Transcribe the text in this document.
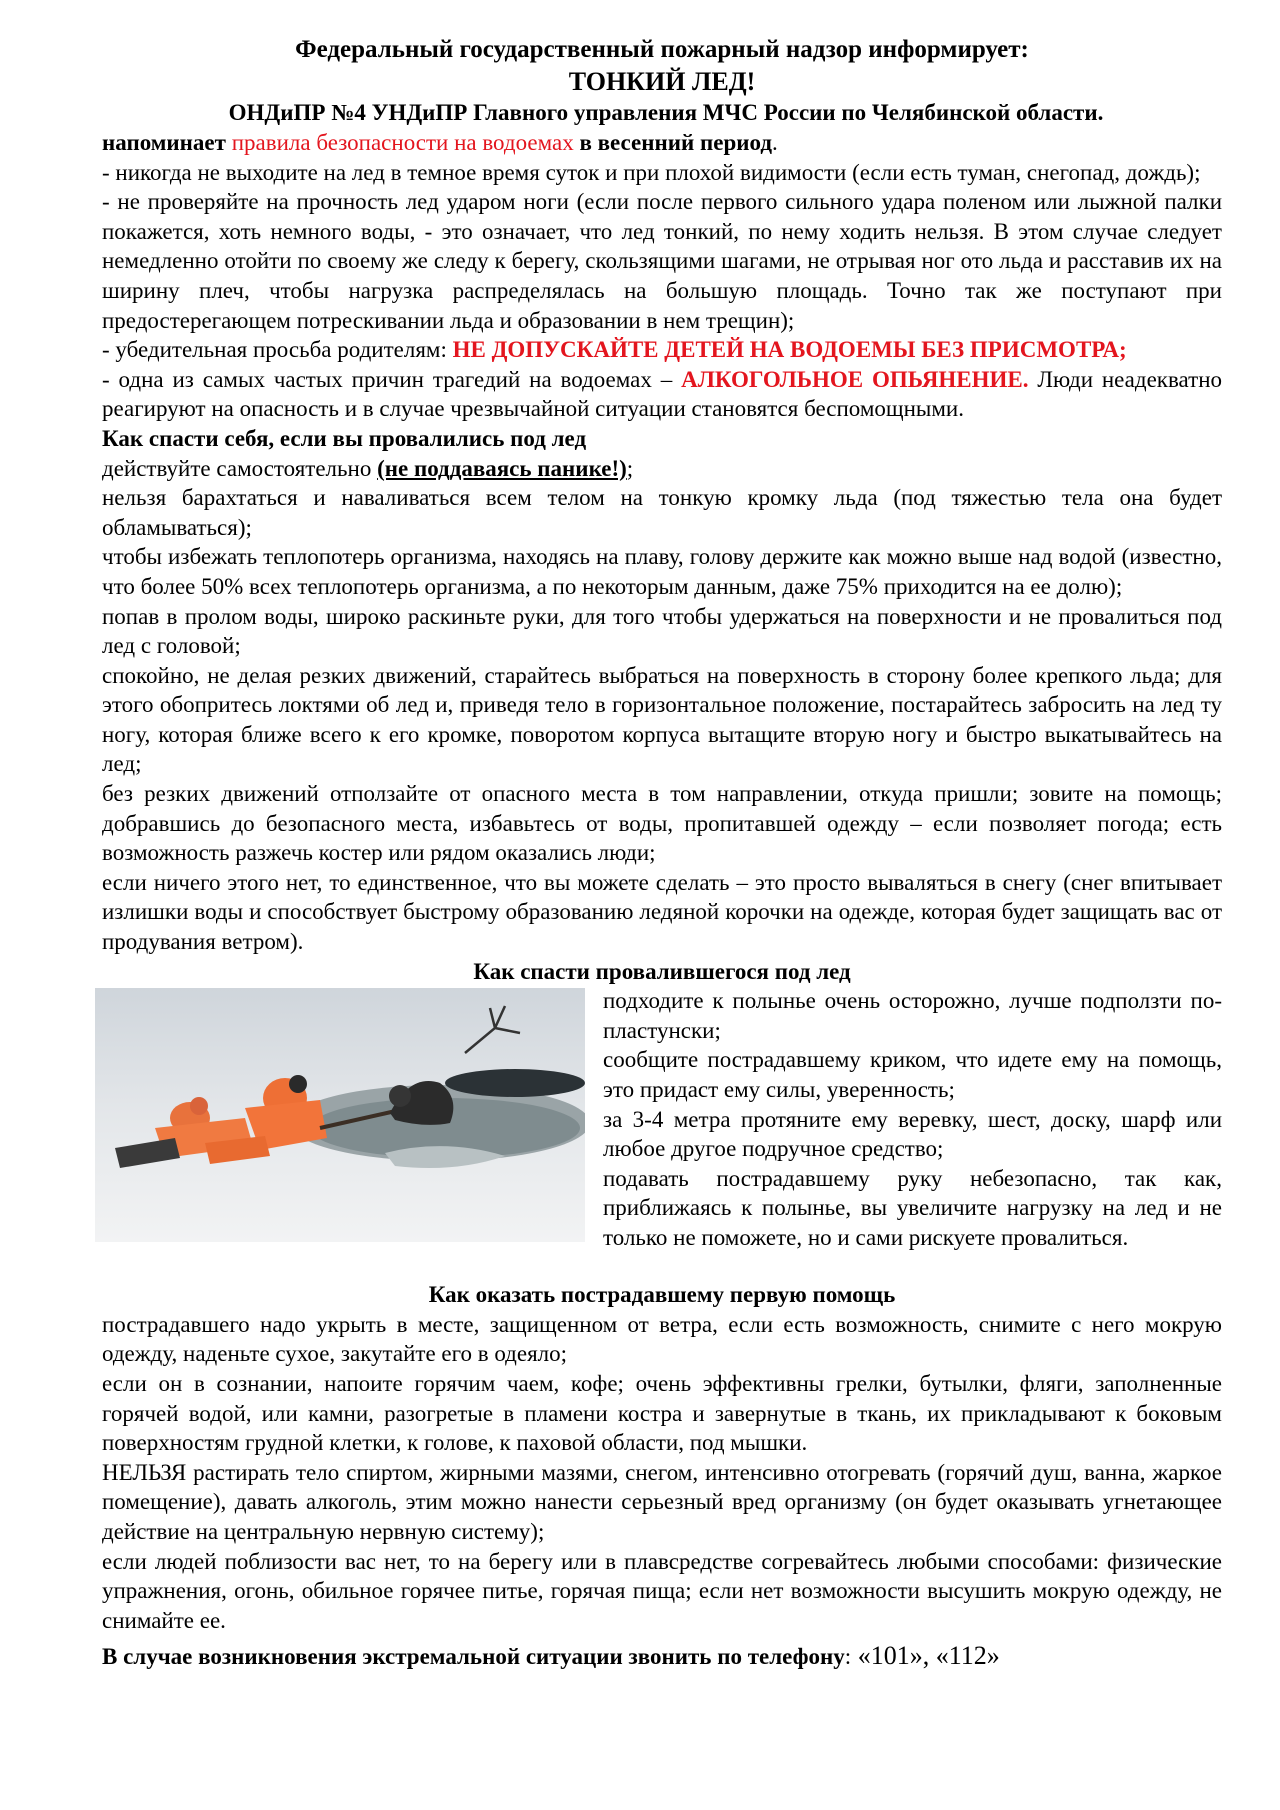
Федеральный государственный пожарный надзор информирует:

ТОНКИЙ ЛЕД!

ОНДиПР №4 УНДиПР Главного управления МЧС России по Челябинской области.

напоминает правила безопасности на водоемах в весенний период.

- никогда не выходите на лед в темное время суток и при плохой видимости (если есть туман, снегопад, дождь);

- не проверяйте на прочность лед ударом ноги (если после первого сильного удара поленом или лыжной палки покажется, хоть немного воды, - это означает, что лед тонкий, по нему ходить нельзя. В этом случае следует немедленно отойти по своему же следу к берегу, скользящими шагами, не отрывая ног ото льда и расставив их на ширину плеч, чтобы нагрузка распределялась на большую площадь. Точно так же поступают при предостерегающем потрескивании льда и образовании в нем трещин);

- убедительная просьба родителям: НЕ ДОПУСКАЙТЕ ДЕТЕЙ НА ВОДОЕМЫ БЕЗ ПРИСМОТРА;

- одна из самых частых причин трагедий на водоемах – АЛКОГОЛЬНОЕ ОПЬЯНЕНИЕ. Люди неадекватно реагируют на опасность и в случае чрезвычайной ситуации становятся беспомощными.

Как спасти себя, если вы провалились под лед

действуйте самостоятельно (не поддаваясь панике!);

нельзя барахтаться и наваливаться всем телом на тонкую кромку льда (под тяжестью тела она будет обламываться);

чтобы избежать теплопотерь организма, находясь на плаву, голову держите как можно выше над водой (известно, что более 50% всех теплопотерь организма, а по некоторым данным, даже 75% приходится на ее долю);

попав в пролом воды, широко раскиньте руки, для того чтобы удержаться на поверхности и не провалиться под лед с головой;

спокойно, не делая резких движений, старайтесь выбраться на поверхность в сторону более крепкого льда; для этого обопритесь локтями об лед и, приведя тело в горизонтальное положение, постарайтесь забросить на лед ту ногу, которая ближе всего к его кромке, поворотом корпуса вытащите вторую ногу и быстро выкатывайтесь на лед;

без резких движений отползайте от опасного места в том направлении, откуда пришли; зовите на помощь; добравшись до безопасного места, избавьтесь от воды, пропитавшей одежду – если позволяет погода; есть возможность разжечь костер или рядом оказались люди;

если ничего этого нет, то единственное, что вы можете сделать – это просто вываляться в снегу (снег впитывает излишки воды и способствует быстрому образованию ледяной корочки на одежде, которая будет защищать вас от продувания ветром).

Как спасти провалившегося под лед

подходите к полынье очень осторожно, лучше подползти по-пластунски;

сообщите пострадавшему криком, что идете ему на помощь, это придаст ему силы, уверенность;

за 3-4 метра протяните ему веревку, шест, доску, шарф или любое другое подручное средство;

подавать пострадавшему руку небезопасно, так как, приближаясь к полынье, вы увеличите нагрузку на лед и не только не поможете, но и сами рискуете провалиться.

Как оказать пострадавшему первую помощь

пострадавшего надо укрыть в месте, защищенном от ветра, если есть возможность, снимите с него мокрую одежду, наденьте сухое, закутайте его в одеяло;

если он в сознании, напоите горячим чаем, кофе; очень эффективны грелки, бутылки, фляги, заполненные горячей водой, или камни, разогретые в пламени костра и завернутые в ткань, их прикладывают к боковым поверхностям грудной клетки, к голове, к паховой области, под мышки.

НЕЛЬЗЯ растирать тело спиртом, жирными мазями, снегом, интенсивно отогревать (горячий душ, ванна, жаркое помещение), давать алкоголь, этим можно нанести серьезный вред организму (он будет оказывать угнетающее действие на центральную нервную систему);

если людей поблизости вас нет, то на берегу или в плавсредстве согревайтесь любыми способами: физические упражнения, огонь, обильное горячее питье, горячая пища; если нет возможности высушить мокрую одежду, не снимайте ее.

В случае возникновения экстремальной ситуации звонить по телефону: «101», «112»
